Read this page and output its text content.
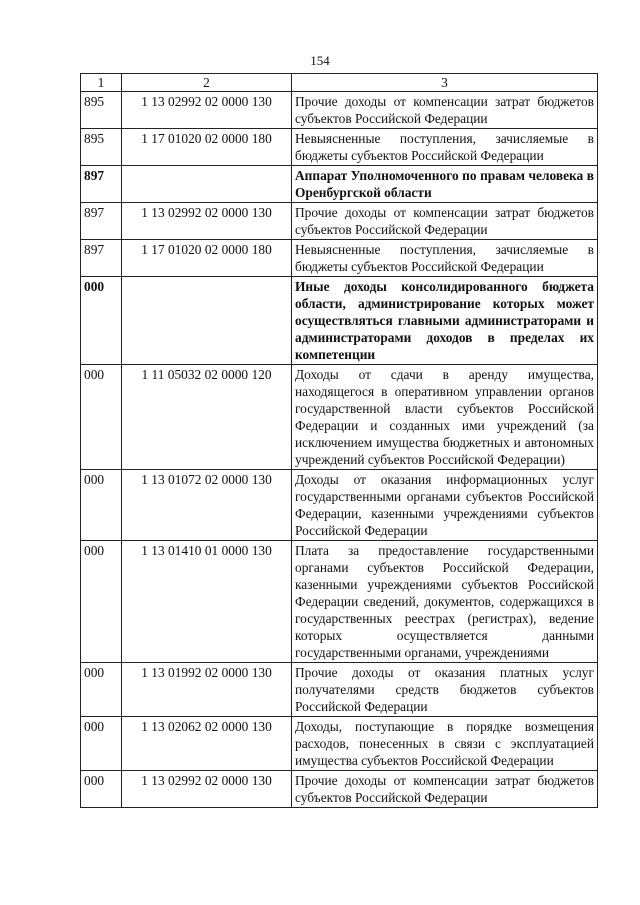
154
1	2	3
895	1 13 02992 02 0000 130	Прочие доходы от компенсации затрат бюджетов субъектов Российской Федерации
895	1 17 01020 02 0000 180	Невыясненные поступления, зачисляемые в бюджеты субъектов Российской Федерации
897		Аппарат Уполномоченного по правам человека в Оренбургской области
897	1 13 02992 02 0000 130	Прочие доходы от компенсации затрат бюджетов субъектов Российской Федерации
897	1 17 01020 02 0000 180	Невыясненные поступления, зачисляемые в бюджеты субъектов Российской Федерации
000		Иные доходы консолидированного бюджета области, администрирование которых может осуществляться главными администраторами и администраторами доходов в пределах их компетенции
000	1 11 05032 02 0000 120	Доходы от сдачи в аренду имущества, находящегося в оперативном управлении органов государственной власти субъектов Российской Федерации и созданных ими учреждений (за исключением имущества бюджетных и автономных учреждений субъектов Российской Федерации)
000	1 13 01072 02 0000 130	Доходы от оказания информационных услуг государственными органами субъектов Российской Федерации, казенными учреждениями субъектов Российской Федерации
000	1 13 01410 01 0000 130	Плата за предоставление государственными органами субъектов Российской Федерации, казенными учреждениями субъектов Российской Федерации сведений, документов, содержащихся в государственных реестрах (регистрах), ведение которых осуществляется данными государственными органами, учреждениями
000	1 13 01992 02 0000 130	Прочие доходы от оказания платных услуг получателями средств бюджетов субъектов Российской Федерации
000	1 13 02062 02 0000 130	Доходы, поступающие в порядке возмещения расходов, понесенных в связи с эксплуатацией имущества субъектов Российской Федерации
000	1 13 02992 02 0000 130	Прочие доходы от компенсации затрат бюджетов субъектов Российской Федерации
